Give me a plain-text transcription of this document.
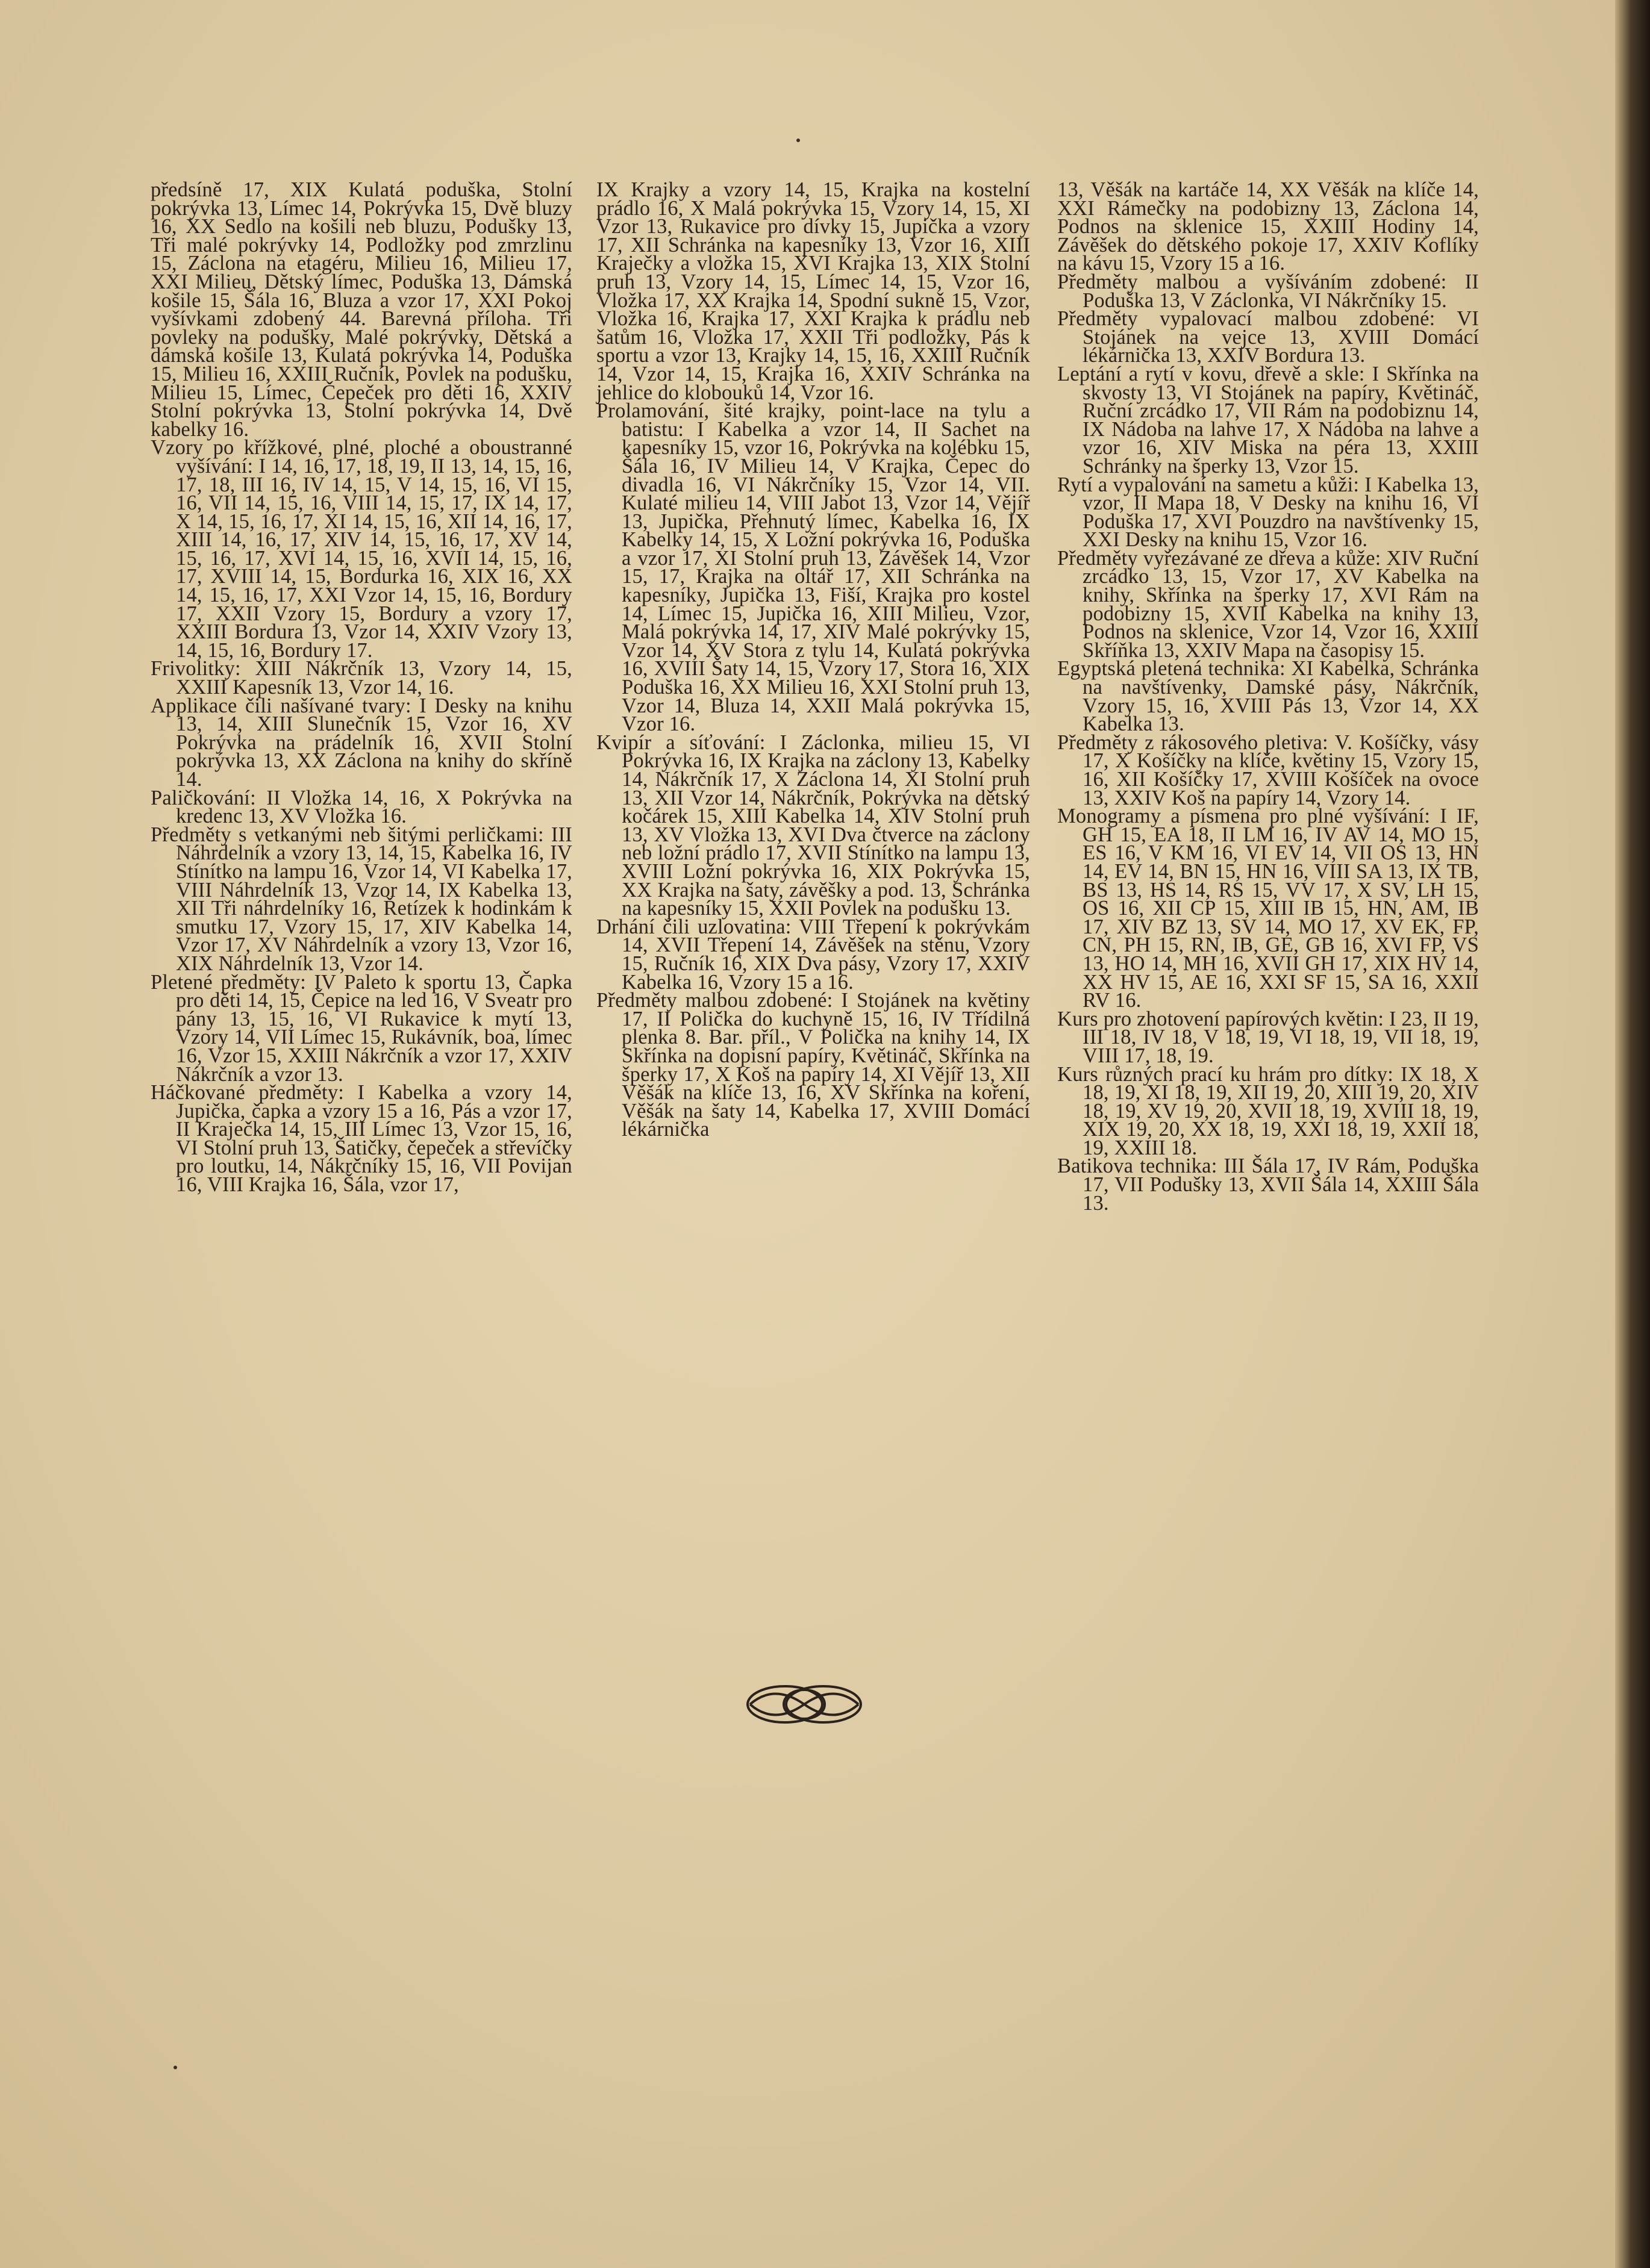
předsíně 17, XIX Kulatá poduška, Stolní pokrývka 13, Límec 14, Pokrývka 15, Dvě bluzy 16, XX Sedlo na košili neb bluzu, Podušky 13, Tři malé pokrývky 14, Podložky pod zmrzlinu 15, Záclona na etagéru, Milieu 16, Milieu 17, XXI Milieu, Dětský límec, Poduška 13, Dámská košile 15, Šála 16, Bluza a vzor 17, XXI Pokoj vyšívkami zdobený 44. Barevná příloha. Tři povleky na podušky, Malé pokrývky, Dětská a dámská košile 13, Kulatá pokrývka 14, Poduška 15, Milieu 16, XXIII Ručník, Povlek na podušku, Milieu 15, Límec, Čepeček pro děti 16, XXIV Stolní pokrývka 13, Stolní pokrývka 14, Dvě kabelky 16.

Vzory po křížkové, plné, ploché a oboustranné vyšívání: I 14, 16, 17, 18, 19, II 13, 14, 15, 16, 17, 18, III 16, IV 14, 15, V 14, 15, 16, VI 15, 16, VII 14, 15, 16, VIII 14, 15, 17, IX 14, 17, X 14, 15, 16, 17, XI 14, 15, 16, XII 14, 16, 17, XIII 14, 16, 17, XIV 14, 15, 16, 17, XV 14, 15, 16, 17, XVI 14, 15, 16, XVII 14, 15, 16, 17, XVIII 14, 15, Bordurka 16, XIX 16, XX 14, 15, 16, 17, XXI Vzor 14, 15, 16, Bordury 17, XXII Vzory 15, Bordury a vzory 17, XXIII Bordura 13, Vzor 14, XXIV Vzory 13, 14, 15, 16, Bordury 17.

Frivolitky: XIII Nákrčník 13, Vzory 14, 15, XXIII Kapesník 13, Vzor 14, 16.

Applikace čili našívané tvary: I Desky na knihu 13, 14, XIII Slunečník 15, Vzor 16, XV Pokrývka na prádelník 16, XVII Stolní pokrývka 13, XX Záclona na knihy do skříně 14.

Paličkování: II Vložka 14, 16, X Pokrývka na kredenc 13, XV Vložka 16.

Předměty s vetkanými neb šitými perličkami: III Náhrdelník a vzory 13, 14, 15, Kabelka 16, IV Stínítko na lampu 16, Vzor 14, VI Kabelka 17, VIII Náhrdelník 13, Vzor 14, IX Kabelka 13, XII Tři náhrdelníky 16, Řetízek k hodinkám k smutku 17, Vzory 15, 17, XIV Kabelka 14, Vzor 17, XV Náhrdelník a vzory 13, Vzor 16, XIX Náhrdelník 13, Vzor 14.

Pletené předměty: IV Paleto k sportu 13, Čapka pro děti 14, 15, Čepice na led 16, V Sveatr pro pány 13, 15, 16, VI Rukavice k mytí 13, Vzory 14, VII Límec 15, Rukávník, boa, límec 16, Vzor 15, XXIII Nákrčník a vzor 17, XXIV Nákrčník a vzor 13.

Háčkované předměty: I Kabelka a vzory 14, Jupička, čapka a vzory 15 a 16, Pás a vzor 17, II Kraječka 14, 15, III Límec 13, Vzor 15, 16, VI Stolní pruh 13, Šatičky, čepeček a střevíčky pro loutku, 14, Nákrčníky 15, 16, VII Povijan 16, VIII Krajka 16, Šála, vzor 17,

IX Krajky a vzory 14, 15, Krajka na kostelní prádlo 16, X Malá pokrývka 15, Vzory 14, 15, XI Vzor 13, Rukavice pro dívky 15, Jupička a vzory 17, XII Schránka na kapesníky 13, Vzor 16, XIII Kraječky a vložka 15, XVI Krajka 13, XIX Stolní pruh 13, Vzory 14, 15, Límec 14, 15, Vzor 16, Vložka 17, XX Krajka 14, Spodní sukně 15, Vzor, Vložka 16, Krajka 17, XXI Krajka k prádlu neb šatům 16, Vložka 17, XXII Tři podložky, Pás k sportu a vzor 13, Krajky 14, 15, 16, XXIII Ručník 14, Vzor 14, 15, Krajka 16, XXIV Schránka na jehlice do klobouků 14, Vzor 16.

Prolamování, šité krajky, point-lace na tylu a batistu: I Kabelka a vzor 14, II Sachet na kapesníky 15, vzor 16, Pokrývka na kolébku 15, Šála 16, IV Milieu 14, V Krajka, Čepec do divadla 16, VI Nákrčníky 15, Vzor 14, VII. Kulaté milieu 14, VIII Jabot 13, Vzor 14, Vějíř 13, Jupička, Přehnutý límec, Kabelka 16, IX Kabelky 14, 15, X Ložní pokrývka 16, Poduška a vzor 17, XI Stolní pruh 13, Závěšek 14, Vzor 15, 17, Krajka na oltář 17, XII Schránka na kapesníky, Jupička 13, Fiší, Krajka pro kostel 14, Límec 15, Jupička 16, XIII Milieu, Vzor, Malá pokrývka 14, 17, XIV Malé pokrývky 15, Vzor 14, XV Stora z tylu 14, Kulatá pokrývka 16, XVIII Šaty 14, 15, Vzory 17, Stora 16, XIX Poduška 16, XX Milieu 16, XXI Stolní pruh 13, Vzor 14, Bluza 14, XXII Malá pokrývka 15, Vzor 16.

Kvipír a síťování: I Záclonka, milieu 15, VI Pokrývka 16, IX Krajka na záclony 13, Kabelky 14, Nákrčník 17, X Záclona 14, XI Stolní pruh 13, XII Vzor 14, Nákrčník, Pokrývka na dětský kočárek 15, XIII Kabelka 14, XIV Stolní pruh 13, XV Vložka 13, XVI Dva čtverce na záclony neb ložní prádlo 17, XVII Stínítko na lampu 13, XVIII Ložní pokrývka 16, XIX Pokrývka 15, XX Krajka na šaty, závěšky a pod. 13, Schránka na kapesníky 15, XXII Povlek na podušku 13.

Drhání čili uzlovatina: VIII Třepení k pokrývkám 14, XVII Třepení 14, Závěšek na stěnu, Vzory 15, Ručník 16, XIX Dva pásy, Vzory 17, XXIV Kabelka 16, Vzory 15 a 16.

Předměty malbou zdobené: I Stojánek na květiny 17, II Polička do kuchyně 15, 16, IV Třídilná plenka 8. Bar. příl., V Polička na knihy 14, IX Skřínka na dopisní papíry, Květináč, Skřínka na šperky 17, X Koš na papíry 14, XI Vějíř 13, XII Věšák na klíče 13, 16, XV Skřínka na koření, Věšák na šaty 14, Kabelka 17, XVIII Domácí lékárnička

13, Věšák na kartáče 14, XX Věšák na klíče 14, XXI Rámečky na podobizny 13, Záclona 14, Podnos na sklenice 15, XXIII Hodiny 14, Závěšek do dětského pokoje 17, XXIV Koflíky na kávu 15, Vzory 15 a 16.

Předměty malbou a vyšíváním zdobené: II Poduška 13, V Záclonka, VI Nákrčníky 15.

Předměty vypalovací malbou zdobené: VI Stojánek na vejce 13, XVIII Domácí lékárnička 13, XXIV Bordura 13.

Leptání a rytí v kovu, dřevě a skle: I Skřínka na skvosty 13, VI Stojánek na papíry, Květináč, Ruční zrcádko 17, VII Rám na podobiznu 14, IX Nádoba na lahve 17, X Nádoba na lahve a vzor 16, XIV Miska na péra 13, XXIII Schránky na šperky 13, Vzor 15.

Rytí a vypalování na sametu a kůži: I Kabelka 13, vzor, II Mapa 18, V Desky na knihu 16, VI Poduška 17, XVI Pouzdro na navštívenky 15, XXI Desky na knihu 15, Vzor 16.

Předměty vyřezávané ze dřeva a kůže: XIV Ruční zrcádko 13, 15, Vzor 17, XV Kabelka na knihy, Skřínka na šperky 17, XVI Rám na podobizny 15, XVII Kabelka na knihy 13, Podnos na sklenice, Vzor 14, Vzor 16, XXIII Skříňka 13, XXIV Mapa na časopisy 15.

Egyptská pletená technika: XI Kabelka, Schránka na navštívenky, Damské pásy, Nákrčník, Vzory 15, 16, XVIII Pás 13, Vzor 14, XX Kabelka 13.

Předměty z rákosového pletiva: V. Košíčky, vásy 17, X Košíčky na klíče, květiny 15, Vzory 15, 16, XII Košíčky 17, XVIII Košíček na ovoce 13, XXIV Koš na papíry 14, Vzory 14.

Monogramy a písmena pro plné vyšívání: I IF, GH 15, EA 18, II LM 16, IV AV 14, MO 15, ES 16, V KM 16, VI EV 14, VII OS 13, HN 14, EV 14, BN 15, HN 16, VIII SA 13, IX TB, BS 13, HS 14, RS 15, VV 17, X SV, LH 15, OS 16, XII CP 15, XIII IB 15, HN, AM, IB 17, XIV BZ 13, SV 14, MO 17, XV EK, FP, CN, PH 15, RN, IB, GE, GB 16, XVI FP, VS 13, HO 14, MH 16, XVII GH 17, XIX HV 14, XX HV 15, AE 16, XXI SF 15, SA 16, XXII RV 16.

Kurs pro zhotovení papírových květin: I 23, II 19, III 18, IV 18, V 18, 19, VI 18, 19, VII 18, 19, VIII 17, 18, 19.

Kurs různých prací ku hrám pro dítky: IX 18, X 18, 19, XI 18, 19, XII 19, 20, XIII 19, 20, XIV 18, 19, XV 19, 20, XVII 18, 19, XVIII 18, 19, XIX 19, 20, XX 18, 19, XXI 18, 19, XXII 18, 19, XXIII 18.

Batikova technika: III Šála 17, IV Rám, Poduška 17, VII Podušky 13, XVII Šála 14, XXIII Šála 13.
